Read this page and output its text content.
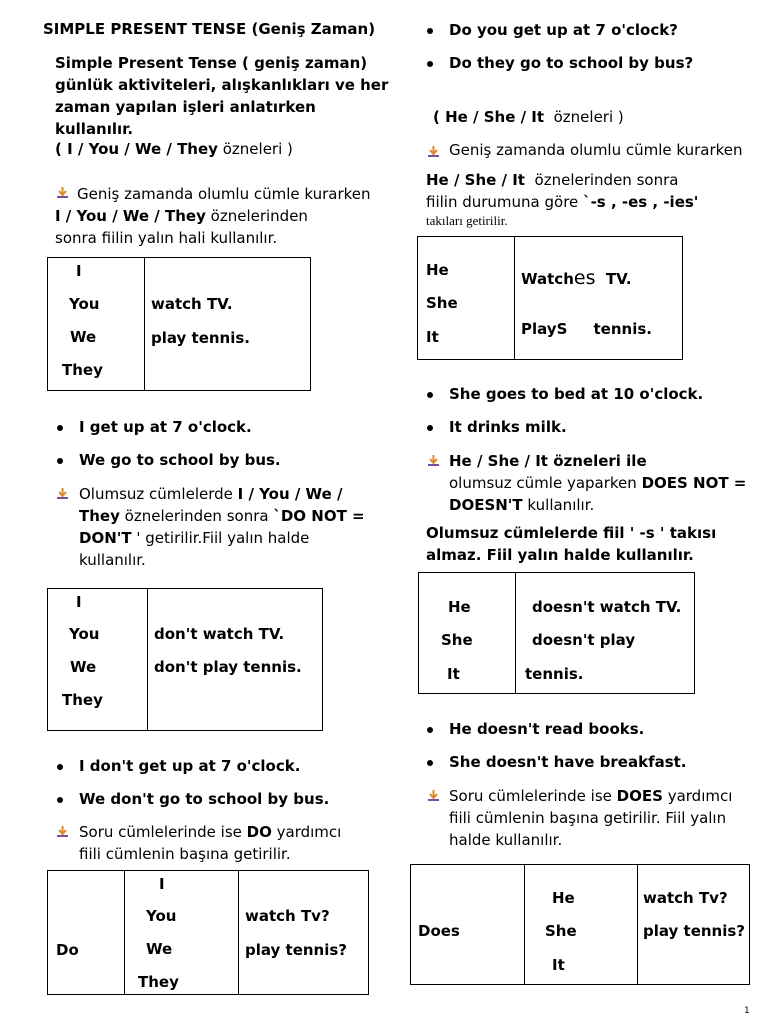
SIMPLE PRESENT TENSE (Geniş Zaman)
Simple Present Tense ( geniş zaman)
günlük aktiviteleri, alışkanlıkları ve her
zaman yapılan işleri anlatırken
kullanılır.
( I / You / We / They özneleri )
Geniş zamanda olumlu cümle kurarken
I / You / We / They öznelerinden
sonra fiilin yalın hali kullanılır.
I
You
We
They
watch TV.
play tennis.
I get up at 7 o'clock.
We go to school by bus.
Olumsuz cümlelerde I / You / We /
They öznelerinden sonra `DO NOT =
DON'T ' getirilir.Fiil yalın halde
kullanılır.
I
You
We
They
don't watch TV.
don't play tennis.
I don't get up at 7 o'clock.
We don't go to school by bus.
Soru cümlelerinde ise DO yardımcı
fiili cümlenin başına getirilir.
Do
I
You
We
They
watch Tv?
play tennis?
Do you get up at 7 o'clock?
Do they go to school by bus?
( He / She / It özneleri )
Geniş zamanda olumlu cümle kurarken
He / She / It öznelerinden sonra
fiilin durumuna göre `-s , -es , -ies'
takıları getirilir.
He
She
It
Watches TV.
PlayS tennis.
She goes to bed at 10 o'clock.
It drinks milk.
He / She / It özneleri ile
olumsuz cümle yaparken DOES NOT =
DOESN'T kullanılır.
Olumsuz cümlelerde fiil ' -s ' takısı
almaz. Fiil yalın halde kullanılır.
He
She
It
doesn't watch TV.
doesn't play
tennis.
He doesn't read books.
She doesn't have breakfast.
Soru cümlelerinde ise DOES yardımcı
fiili cümlenin başına getirilir. Fiil yalın
halde kullanılır.
Does
He
She
It
watch Tv?
play tennis?
1
